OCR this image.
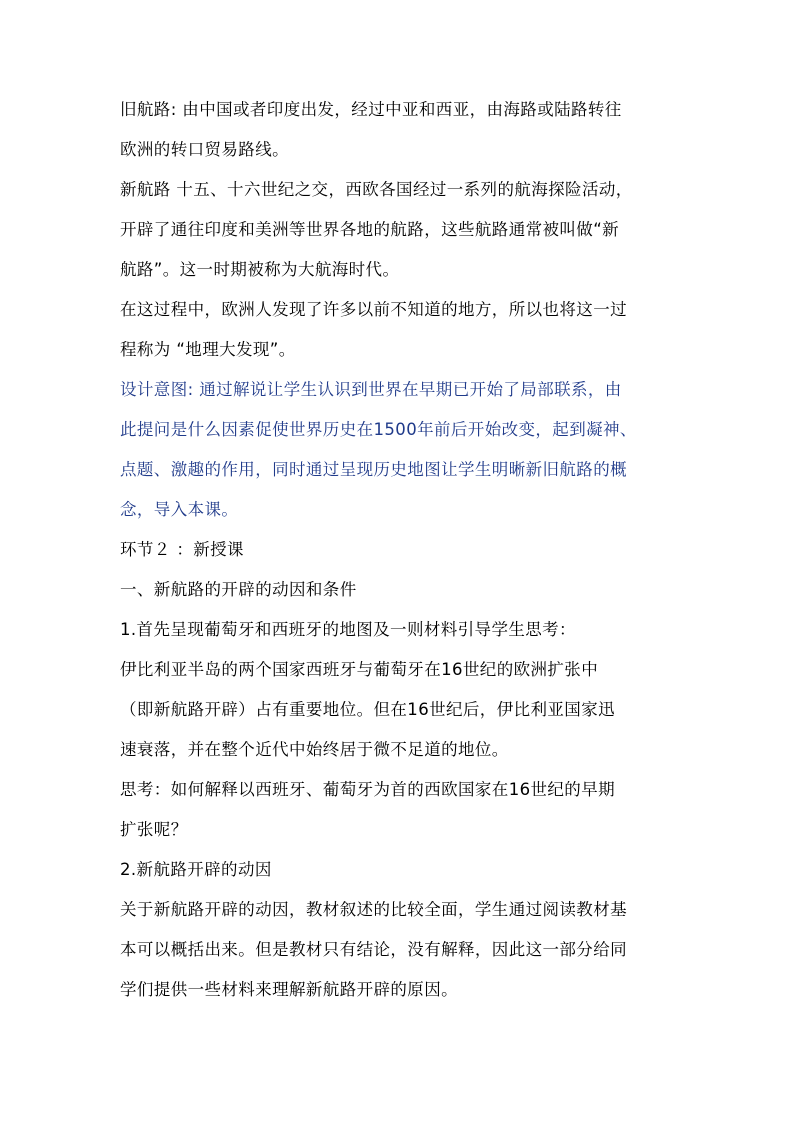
旧航路: 由中国或者印度出发，经过中亚和西亚，由海路或陆路转往
欧洲的转口贸易路线。

新航路 十五、十六世纪之交，西欧各国经过一系列的航海探险活动，
开辟了通往印度和美洲等世界各地的航路，这些航路通常被叫做“新
航路”。这一时期被称为大航海时代。

在这过程中，欧洲人发现了许多以前不知道的地方，所以也将这一过
程称为 “地理大发现”。

设计意图: 通过解说让学生认识到世界在早期已开始了局部联系，由
此提问是什么因素促使世界历史在1500年前后开始改变，起到凝神、
点题、激趣的作用，同时通过呈现历史地图让学生明晰新旧航路的概
念，导入本课。

环节２ ：新授课

一、新航路的开辟的动因和条件

1.首先呈现葡萄牙和西班牙的地图及一则材料引导学生思考：

伊比利亚半岛的两个国家西班牙与葡萄牙在16世纪的欧洲扩张中
（即新航路开辟）占有重要地位。但在16世纪后，伊比利亚国家迅
速衰落，并在整个近代中始终居于微不足道的地位。

思考：如何解释以西班牙、葡萄牙为首的西欧国家在16世纪的早期
扩张呢？

2.新航路开辟的动因

关于新航路开辟的动因，教材叙述的比较全面，学生通过阅读教材基
本可以概括出来。但是教材只有结论，没有解释，因此这一部分给同
学们提供一些材料来理解新航路开辟的原因。
